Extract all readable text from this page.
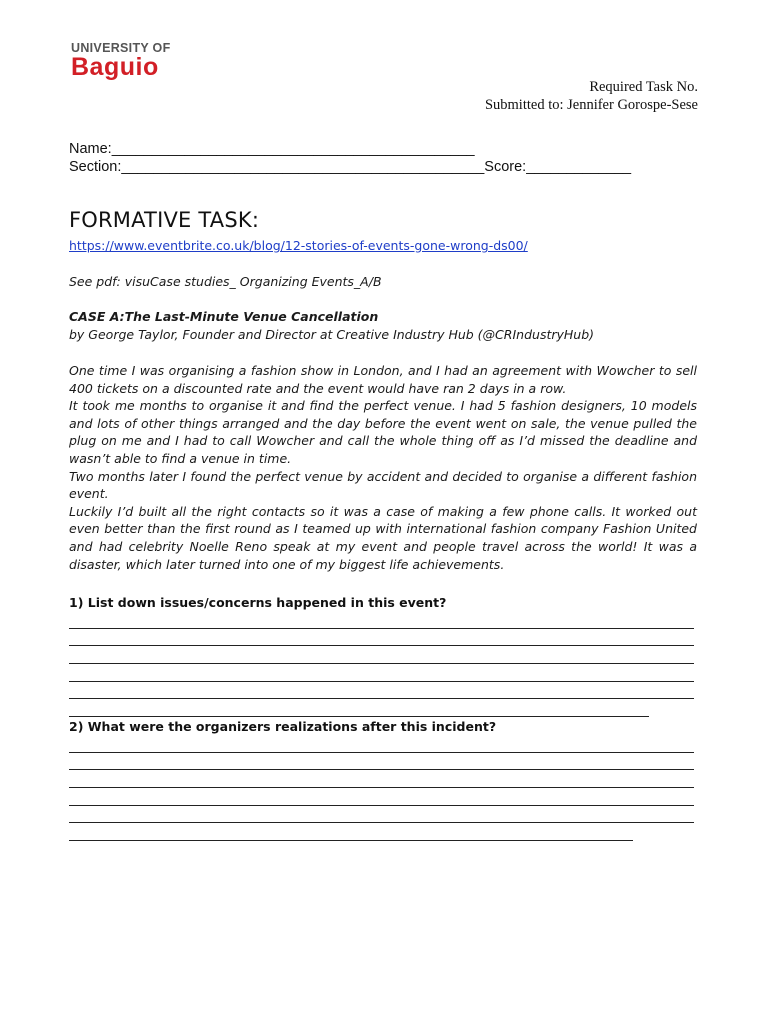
UNIVERSITY OF
Baguio
Required Task No.
Submitted to: Jennifer Gorospe-Sese
Name:_____________________________________________
Section:_____________________________________________Score:_____________
FORMATIVE TASK:
https://www.eventbrite.co.uk/blog/12-stories-of-events-gone-wrong-ds00/
See pdf: visuCase studies_ Organizing Events_A/B
CASE A:The Last-Minute Venue Cancellation
by George Taylor, Founder and Director at Creative Industry Hub (@CRIndustryHub)

One time I was organising a fashion show in London, and I had an agreement with Wowcher to sell 400 tickets on a discounted rate and the event would have ran 2 days in a row.

It took me months to organise it and find the perfect venue. I had 5 fashion designers, 10 models and lots of other things arranged and the day before the event went on sale, the venue pulled the plug on me and I had to call Wowcher and call the whole thing off as I’d missed the deadline and wasn’t able to find a venue in time.

Two months later I found the perfect venue by accident and decided to organise a different fashion event.

Luckily I’d built all the right contacts so it was a case of making a few phone calls. It worked out even better than the first round as I teamed up with international fashion company Fashion United and had celebrity Noelle Reno speak at my event and people travel across the world! It was a disaster, which later turned into one of my biggest life achievements.

1) List down issues/concerns happened in this event?
2) What were the organizers realizations after this incident?
